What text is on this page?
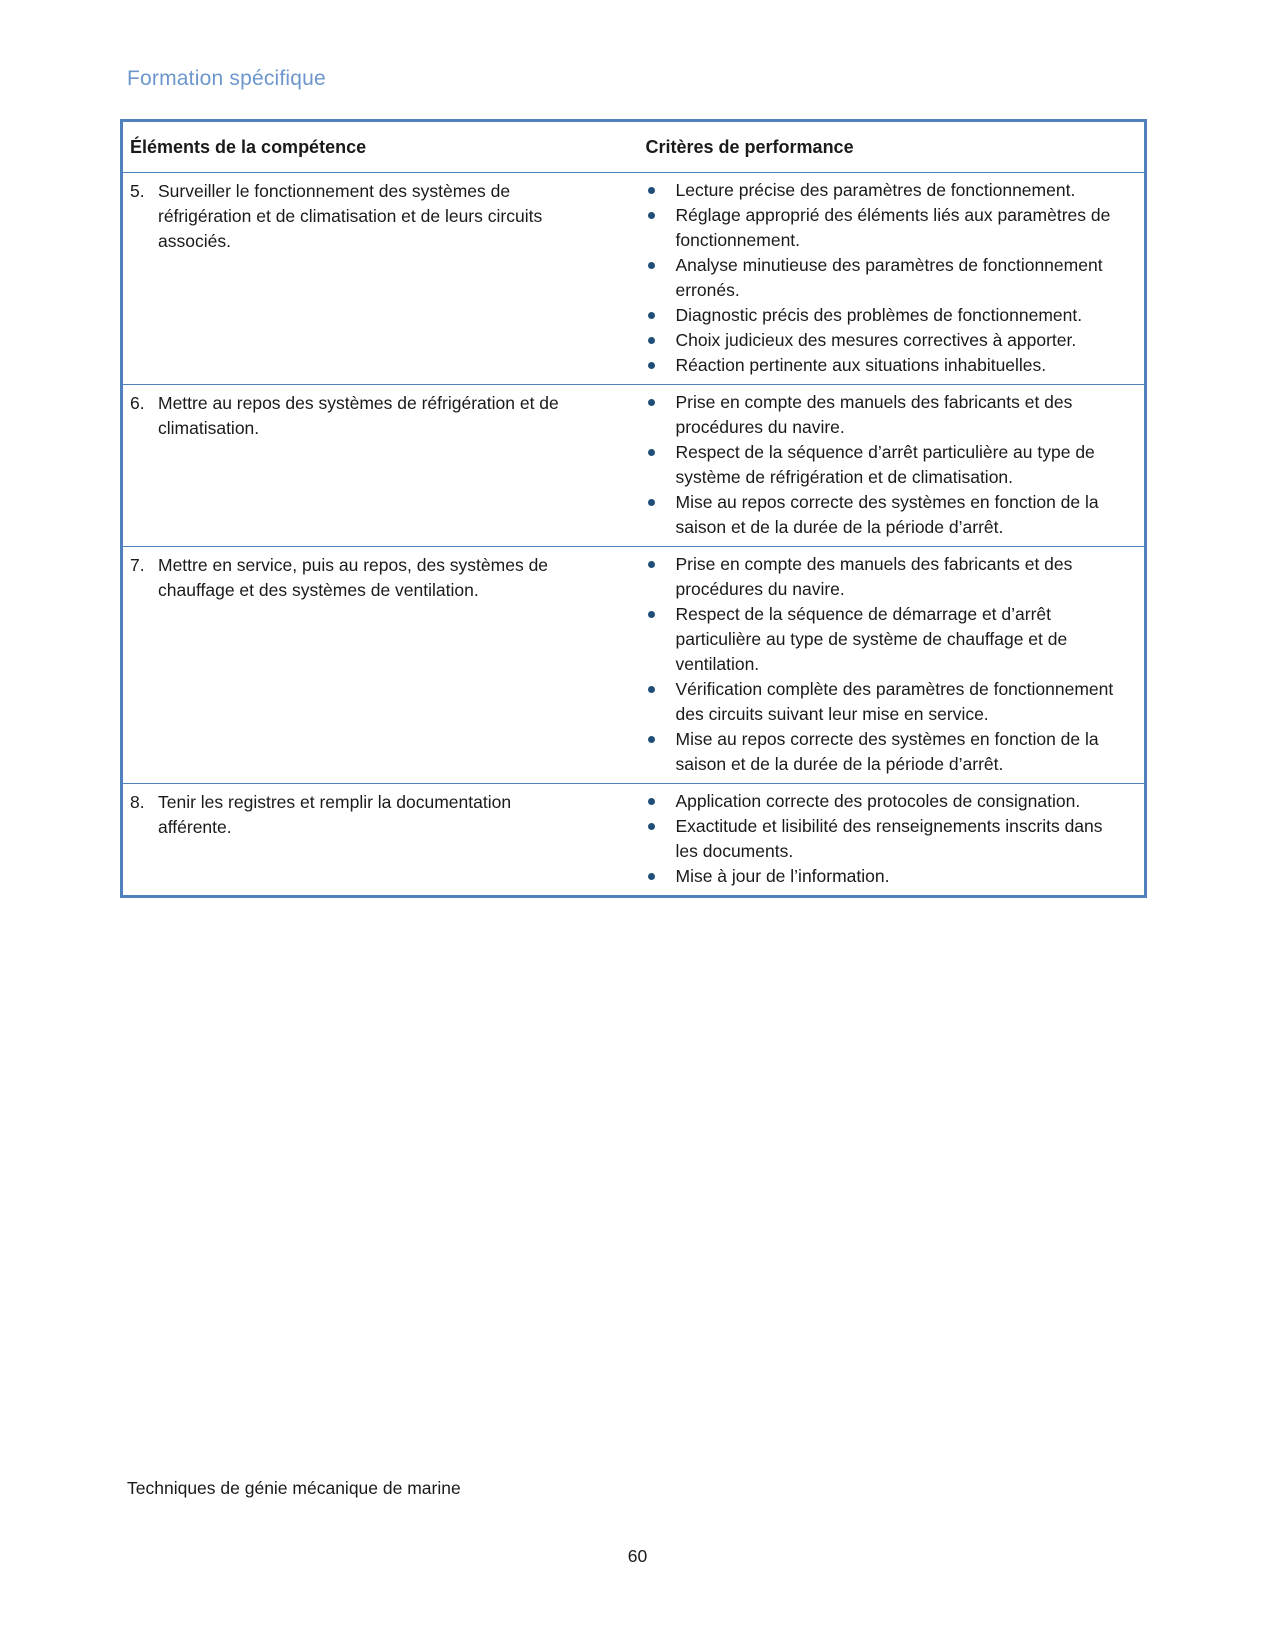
Formation spécifique
Éléments de la compétence	Critères de performance

5. Surveiller le fonctionnement des systèmes de réfrigération et de climatisation et de leurs circuits associés.

Lecture précise des paramètres de fonctionnement.
Réglage approprié des éléments liés aux paramètres de fonctionnement.
Analyse minutieuse des paramètres de fonctionnement erronés.
Diagnostic précis des problèmes de fonctionnement.
Choix judicieux des mesures correctives à apporter.
Réaction pertinente aux situations inhabituelles.

6. Mettre au repos des systèmes de réfrigération et de climatisation.

Prise en compte des manuels des fabricants et des procédures du navire.
Respect de la séquence d’arrêt particulière au type de système de réfrigération et de climatisation.
Mise au repos correcte des systèmes en fonction de la saison et de la durée de la période d’arrêt.

7. Mettre en service, puis au repos, des systèmes de chauffage et des systèmes de ventilation.

Prise en compte des manuels des fabricants et des procédures du navire.
Respect de la séquence de démarrage et d’arrêt particulière au type de système de chauffage et de ventilation.
Vérification complète des paramètres de fonctionnement des circuits suivant leur mise en service.
Mise au repos correcte des systèmes en fonction de la saison et de la durée de la période d’arrêt.

8. Tenir les registres et remplir la documentation afférente.

Application correcte des protocoles de consignation.
Exactitude et lisibilité des renseignements inscrits dans les documents.
Mise à jour de l’information.
Techniques de génie mécanique de marine
60
